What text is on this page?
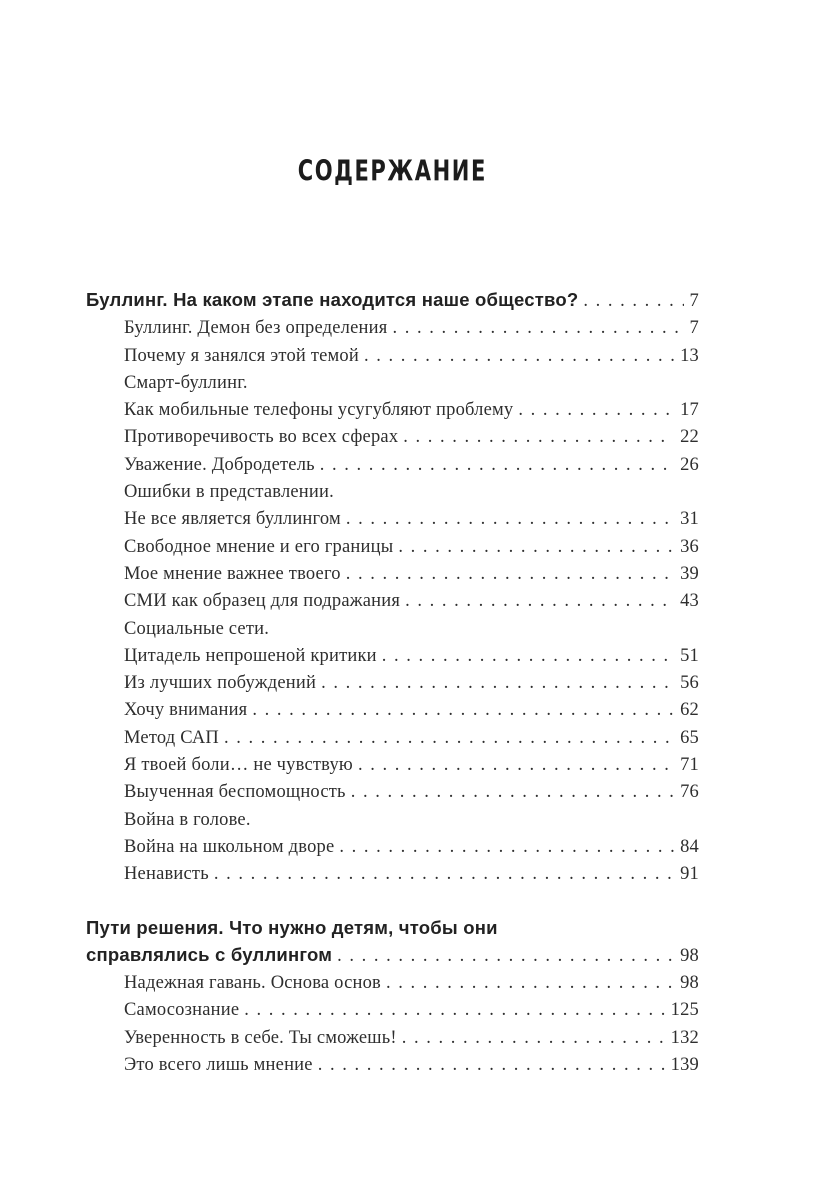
СОДЕРЖАНИЕ
Буллинг. На каком этапе находится наше общество? . . .	7
Буллинг. Демон без определения . . .	7
Почему я занялся этой темой . . .	13
Смарт-буллинг.
Как мобильные телефоны усугубляют проблему . . .	17
Противоречивость во всех сферах . . .	22
Уважение. Добродетель . . .	26
Ошибки в представлении.
Не все является буллингом . . .	31
Свободное мнение и его границы . . .	36
Мое мнение важнее твоего . . .	39
СМИ как образец для подражания . . .	43
Социальные сети.
Цитадель непрошеной критики . . .	51
Из лучших побуждений . . .	56
Хочу внимания . . .	62
Метод САП . . .	65
Я твоей боли… не чувствую . . .	71
Выученная беспомощность . . .	76
Война в голове.
Война на школьном дворе . . .	84
Ненависть . . .	91
Пути решения. Что нужно детям, чтобы они
справлялись с буллингом . . .	98
Надежная гавань. Основа основ . . .	98
Самосознание . . .	125
Уверенность в себе. Ты сможешь! . . .	132
Это всего лишь мнение . . .	139
